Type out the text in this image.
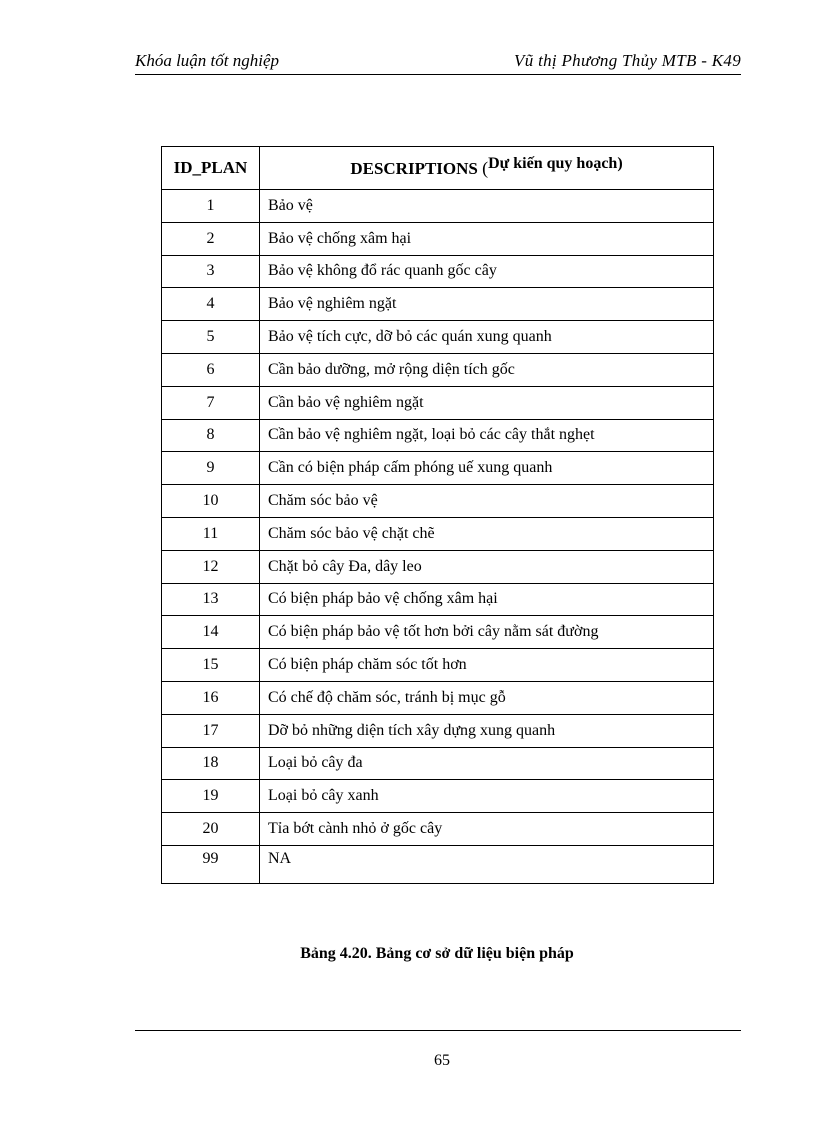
Khóa luận tốt nghiệp	Vũ thị Phương Thủy MTB - K49
ID_PLAN	DESCRIPTIONS (Dự kiến quy hoạch)
1	Bảo vệ
2	Bảo vệ chống xâm hại
3	Bảo vệ không đổ rác quanh gốc cây
4	Bảo vệ nghiêm ngặt
5	Bảo vệ tích cực, dỡ bỏ các quán xung quanh
6	Cần bảo dưỡng, mở rộng diện tích gốc
7	Cần bảo vệ nghiêm ngặt
8	Cần bảo vệ nghiêm ngặt, loại bỏ các cây thắt nghẹt
9	Cần có biện pháp cấm phóng uế xung quanh
10	Chăm sóc bảo vệ
11	Chăm sóc bảo vệ chặt chẽ
12	Chặt bỏ cây Đa, dây leo
13	Có biện pháp bảo vệ chống xâm hại
14	Có biện pháp bảo vệ tốt hơn bởi cây nằm sát đường
15	Có biện pháp chăm sóc tốt hơn
16	Có chế độ chăm sóc, tránh bị mục gỗ
17	Dỡ bỏ những diện tích xây dựng xung quanh
18	Loại bỏ cây đa
19	Loại bỏ cây xanh
20	Tỉa bớt cành nhỏ ở gốc cây
99	NA
Bảng 4.20. Bảng cơ sở dữ liệu biện pháp
65
